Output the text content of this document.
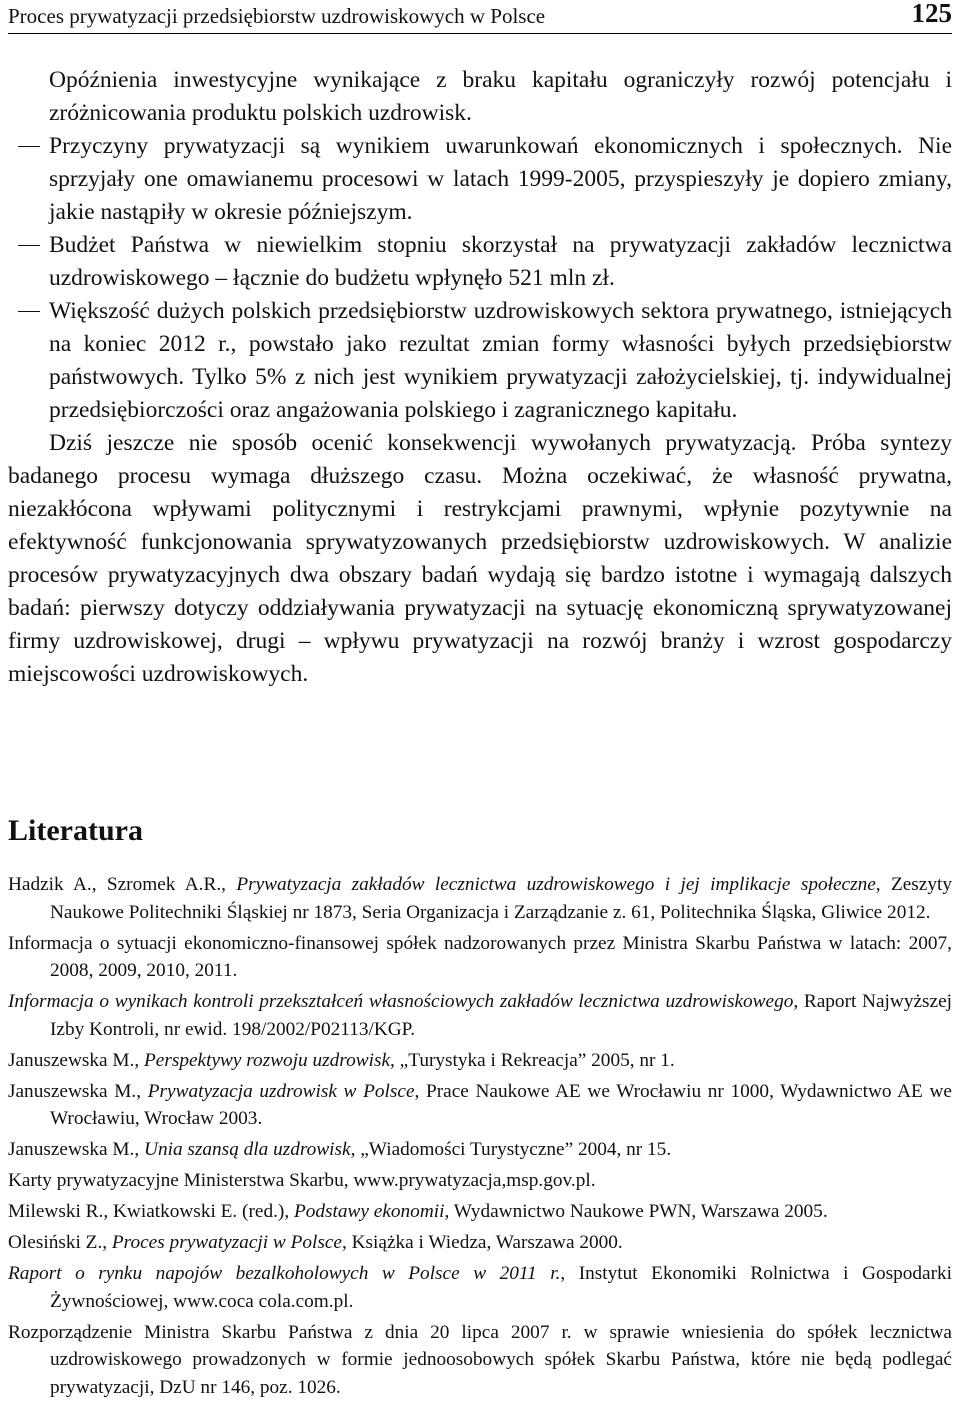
Proces prywatyzacji przedsiębiorstw uzdrowiskowych w Polsce	125

Opóźnienia inwestycyjne wynikające z braku kapitału ograniczyły rozwój potencjału i zróżnicowania produktu polskich uzdrowisk.

Przyczyny prywatyzacji są wynikiem uwarunkowań ekonomicznych i społecznych. Nie sprzyjały one omawianemu procesowi w latach 1999-2005, przyspieszyły je dopiero zmiany, jakie nastąpiły w okresie późniejszym.
Budżet Państwa w niewielkim stopniu skorzystał na prywatyzacji zakładów lecznictwa uzdrowiskowego – łącznie do budżetu wpłynęło 521 mln zł.
Większość dużych polskich przedsiębiorstw uzdrowiskowych sektora prywatnego, istniejących na koniec 2012 r., powstało jako rezultat zmian formy własności byłych przedsiębiorstw państwowych. Tylko 5% z nich jest wynikiem prywatyzacji założycielskiej, tj. indywidualnej przedsiębiorczości oraz angażowania polskiego i zagranicznego kapitału.

Dziś jeszcze nie sposób ocenić konsekwencji wywołanych prywatyzacją. Próba syntezy badanego procesu wymaga dłuższego czasu. Można oczekiwać, że własność prywatna, niezakłócona wpływami politycznymi i restrykcjami prawnymi, wpłynie pozytywnie na efektywność funkcjonowania sprywatyzowanych przedsiębiorstw uzdrowiskowych. W analizie procesów prywatyzacyjnych dwa obszary badań wydają się bardzo istotne i wymagają dalszych badań: pierwszy dotyczy oddziaływania prywatyzacji na sytuację ekonomiczną sprywatyzowanej firmy uzdrowiskowej, drugi – wpływu prywatyzacji na rozwój branży i wzrost gospodarczy miejscowości uzdrowiskowych.

Literatura

Hadzik A., Szromek A.R., Prywatyzacja zakładów lecznictwa uzdrowiskowego i jej implikacje społeczne, Zeszyty Naukowe Politechniki Śląskiej nr 1873, Seria Organizacja i Zarządzanie z. 61, Politechnika Śląska, Gliwice 2012.

Informacja o sytuacji ekonomiczno-finansowej spółek nadzorowanych przez Ministra Skarbu Państwa w latach: 2007, 2008, 2009, 2010, 2011.

Informacja o wynikach kontroli przekształceń własnościowych zakładów lecznictwa uzdrowiskowego, Raport Najwyższej Izby Kontroli, nr ewid. 198/2002/P02113/KGP.

Januszewska M., Perspektywy rozwoju uzdrowisk, „Turystyka i Rekreacja” 2005, nr 1.

Januszewska M., Prywatyzacja uzdrowisk w Polsce, Prace Naukowe AE we Wrocławiu nr 1000, Wydawnictwo AE we Wrocławiu, Wrocław 2003.

Januszewska M., Unia szansą dla uzdrowisk, „Wiadomości Turystyczne” 2004, nr 15.

Karty prywatyzacyjne Ministerstwa Skarbu, www.prywatyzacja,msp.gov.pl.

Milewski R., Kwiatkowski E. (red.), Podstawy ekonomii, Wydawnictwo Naukowe PWN, Warszawa 2005.

Olesiński Z., Proces prywatyzacji w Polsce, Książka i Wiedza, Warszawa 2000.

Raport o rynku napojów bezalkoholowych w Polsce w 2011 r., Instytut Ekonomiki Rolnictwa i Gospodarki Żywnościowej, www.coca cola.com.pl.

Rozporządzenie Ministra Skarbu Państwa z dnia 20 lipca 2007 r. w sprawie wniesienia do spółek lecznictwa uzdrowiskowego prowadzonych w formie jednoosobowych spółek Skarbu Państwa, które nie będą podlegać prywatyzacji, DzU nr 146, poz. 1026.
